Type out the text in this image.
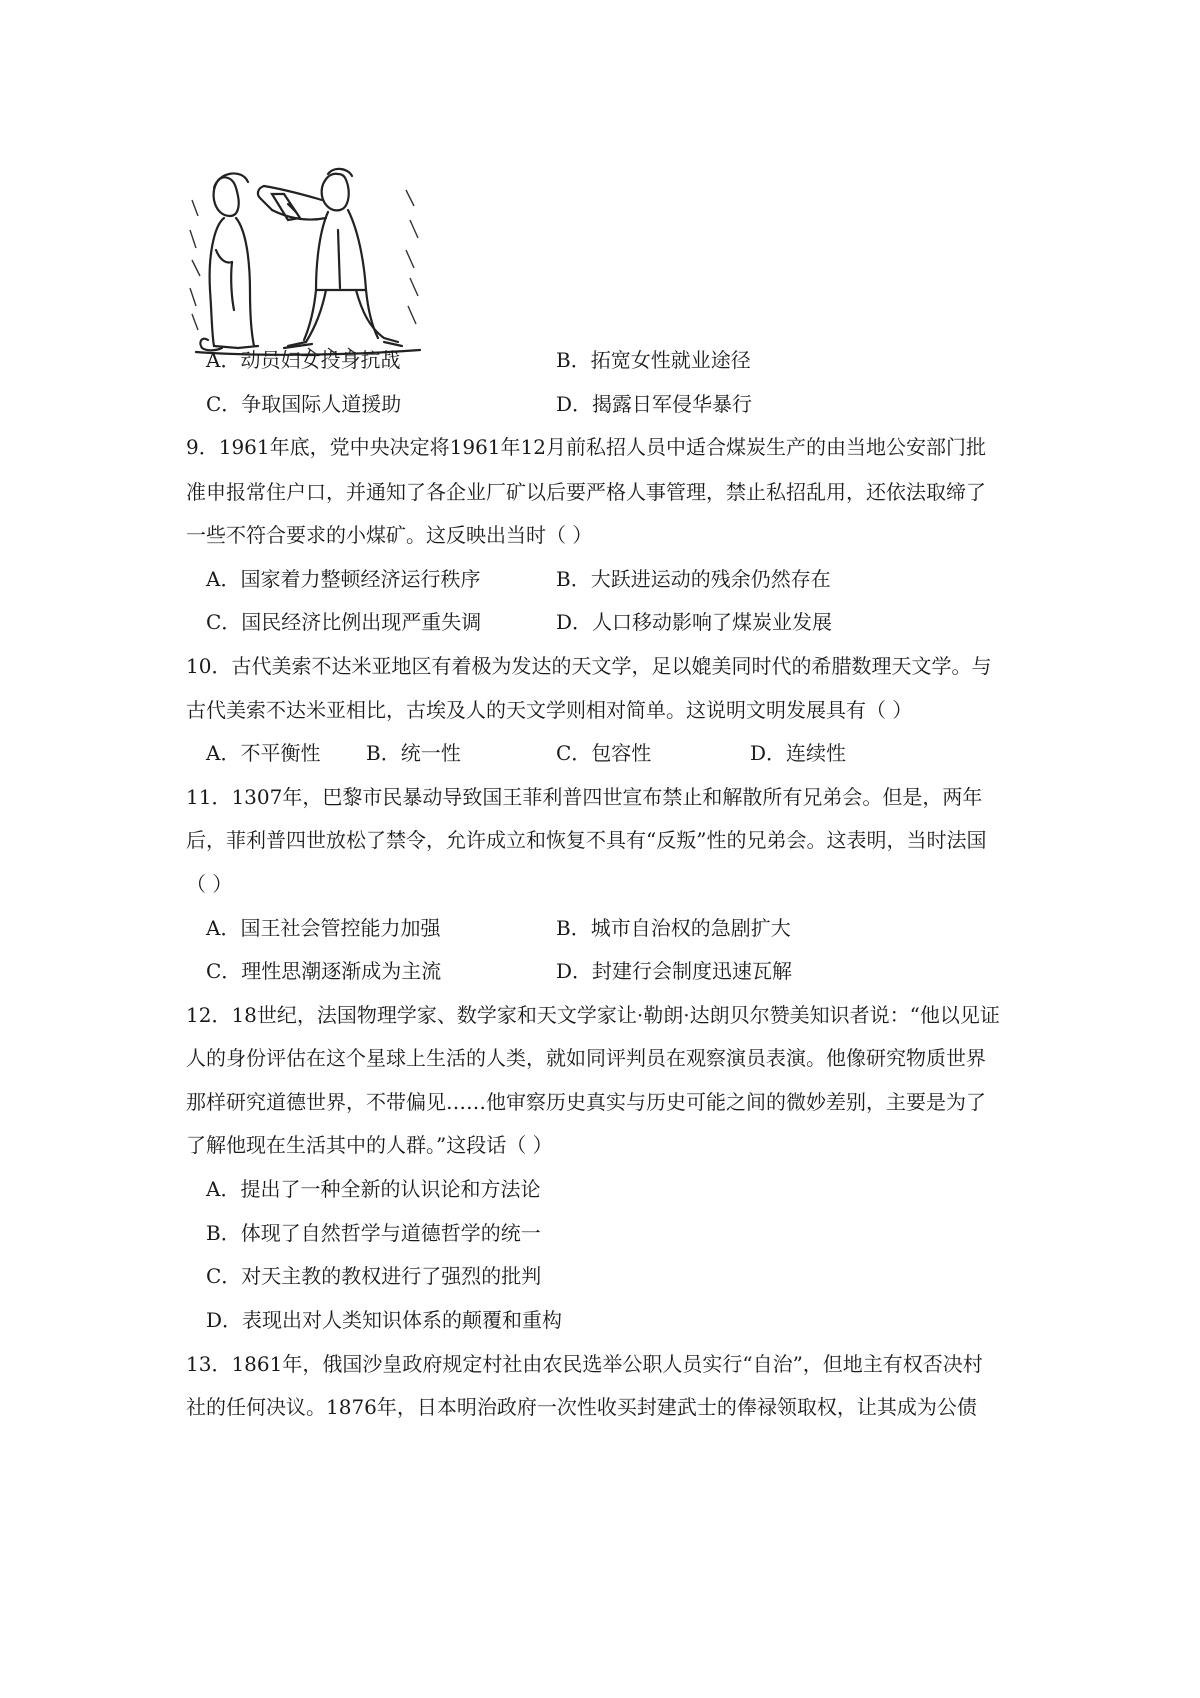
A．动员妇女投身抗战	B．拓宽女性就业途径
C．争取国际人道援助	D．揭露日军侵华暴行
9．1961年底，党中央决定将1961年12月前私招人员中适合煤炭生产的由当地公安部门批
准申报常住户口，并通知了各企业厂矿以后要严格人事管理，禁止私招乱用，还依法取缔了
一些不符合要求的小煤矿。这反映出当时（ ）
A．国家着力整顿经济运行秩序	B．大跃进运动的残余仍然存在
C．国民经济比例出现严重失调	D．人口移动影响了煤炭业发展
10．古代美索不达米亚地区有着极为发达的天文学，足以媲美同时代的希腊数理天文学。与
古代美索不达米亚相比，古埃及人的天文学则相对简单。这说明文明发展具有（ ）
A．不平衡性 B．统一性	C．包容性	D．连续性
11．1307年，巴黎市民暴动导致国王菲利普四世宣布禁止和解散所有兄弟会。但是，两年
后，菲利普四世放松了禁令，允许成立和恢复不具有“反叛”性的兄弟会。这表明，当时法国
（ ）
A．国王社会管控能力加强	B．城市自治权的急剧扩大
C．理性思潮逐渐成为主流	D．封建行会制度迅速瓦解
12．18世纪，法国物理学家、数学家和天文学家让·勒朗·达朗贝尔赞美知识者说：“他以见证
人的身份评估在这个星球上生活的人类，就如同评判员在观察演员表演。他像研究物质世界
那样研究道德世界，不带偏见……他审察历史真实与历史可能之间的微妙差别，主要是为了
了解他现在生活其中的人群。”这段话（ ）
A．提出了一种全新的认识论和方法论
B．体现了自然哲学与道德哲学的统一
C．对天主教的教权进行了强烈的批判
D．表现出对人类知识体系的颠覆和重构
13．1861年，俄国沙皇政府规定村社由农民选举公职人员实行“自治”，但地主有权否决村
社的任何决议。1876年，日本明治政府一次性收买封建武士的俸禄领取权，让其成为公债
